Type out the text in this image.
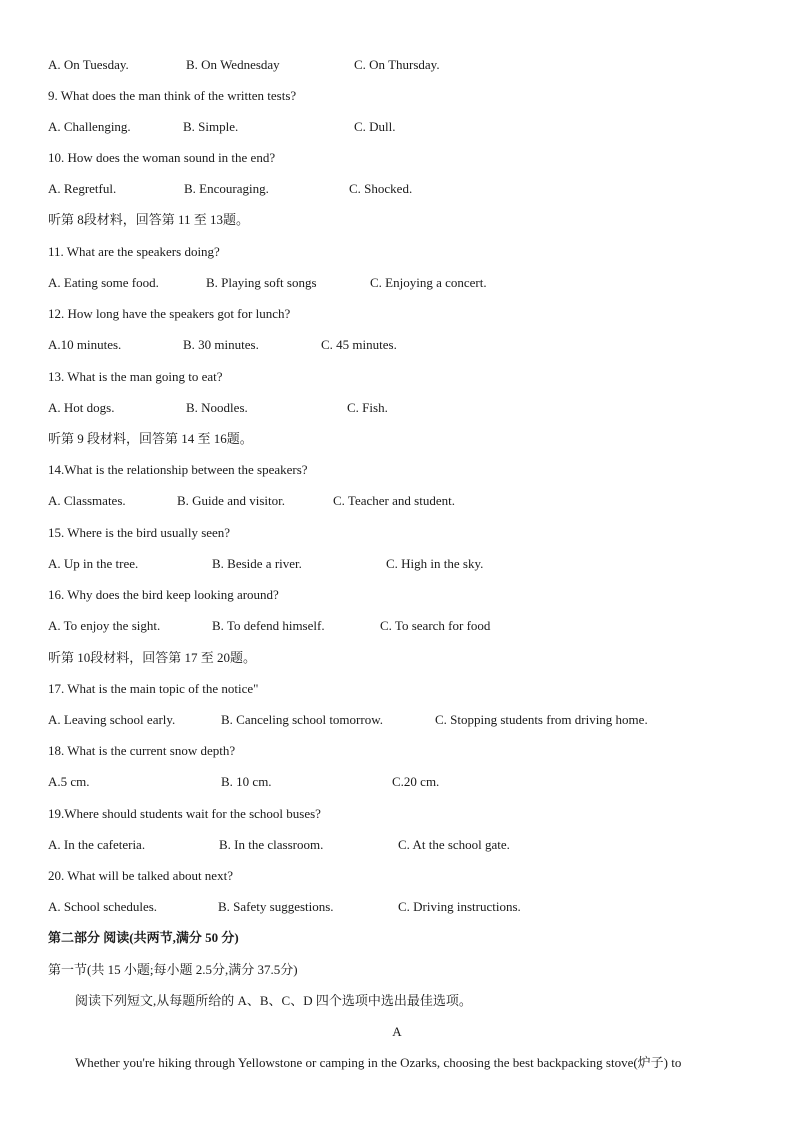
A. On Tuesday.	B. On Wednesday	C. On Thursday.
9. What does the man think of the written tests?
A. Challenging.	B. Simple.	C. Dull.
10. How does the woman sound in the end?
A. Regretful.	B. Encouraging.	C. Shocked.
听第 8段材料，回答第 11 至 13题。
11. What are the speakers doing?
A. Eating some food.	B. Playing soft songs	C. Enjoying a concert.
12. How long have the speakers got for lunch?
A.10 minutes.	B. 30 minutes.	C. 45 minutes.
13. What is the man going to eat?
A. Hot dogs.	B. Noodles.	C. Fish.
听第 9 段材料，回答第 14 至 16题。
14.What is the relationship between the speakers?
A. Classmates.	B. Guide and visitor.	C. Teacher and student.
15. Where is the bird usually seen?
A. Up in the tree.	B. Beside a river.	C. High in the sky.
16. Why does the bird keep looking around?
A. To enjoy the sight.	B. To defend himself.	C. To search for food
听第 10段材料，回答第 17 至 20题。
17. What is the main topic of the notice"
A. Leaving school early.	B. Canceling school tomorrow.	C. Stopping students from driving home.
18. What is the current snow depth?
A.5 cm.	B. 10 cm.	C.20 cm.
19.Where should students wait for the school buses?
A. In the cafeteria.	B. In the classroom.	C. At the school gate.
20. What will be talked about next?
A. School schedules.	B. Safety suggestions.	C. Driving instructions.
第二部分 阅读(共两节,满分 50 分)
第一节(共 15 小题;每小题 2.5分,满分 37.5分)
阅读下列短文,从每题所给的 A、B、C、D 四个选项中选出最佳选项。
A
Whether you're hiking through Yellowstone or camping in the Ozarks, choosing the best backpacking stove(炉子) to
